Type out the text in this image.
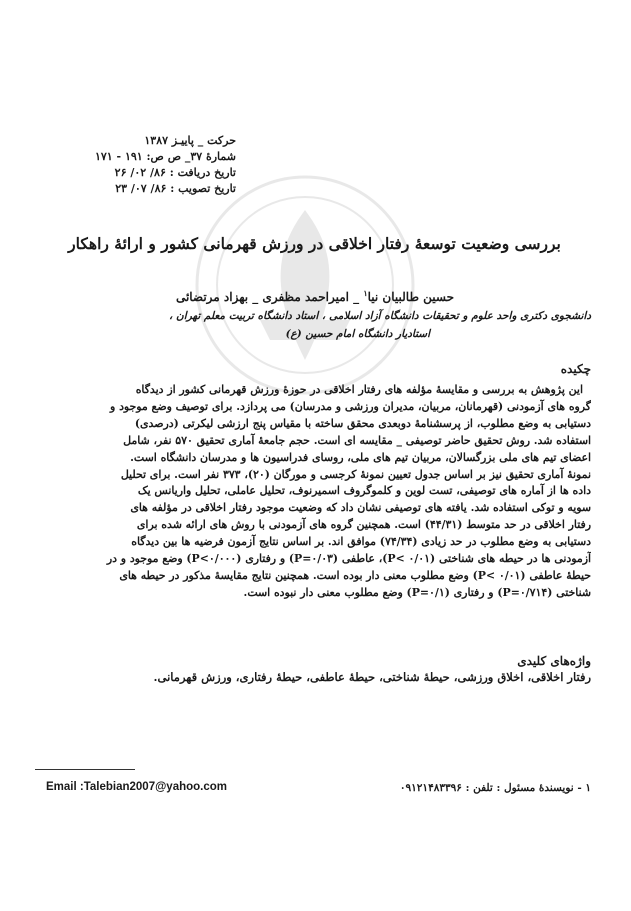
حرکت _ پاییـز ۱۳۸۷
شمارهٔ ۳۷_ ص ص: ۱۹۱ - ۱۷۱
تاریخ دریافت : ۸۶/ ۰۲/ ۲۶
تاریخ تصویب : ۸۶/ ۰۷/ ۲۳
بررسی وضعیت توسعهٔ رفتار اخلاقی در ورزش قهرمانی کشور و ارائهٔ راهکار
حسین طالبیان نیا$^۱$ _ امیراحمد مظفری _ بهزاد مرتضائی
دانشجوی دکتری واحد علوم و تحقیقات دانشگاه آزاد اسلامی ، استاد دانشگاه تربیت معلم تهران ،
استادیار دانشگاه امام حسین (ع)
چکیده
این پژوهش به بررسی و مقایسهٔ مؤلفه های رفتار اخلاقی در حوزهٔ ورزش قهرمانی کشور از دیدگاه
گروه های آزمودنی (قهرمانان، مربیان، مدیران ورزشی و مدرسان) می پردازد. برای توصیف وضع موجود و
دستیابی به وضع مطلوب، از پرسشنامهٔ دوبعدی محقق ساخته با مقیاس پنج ارزشی لیکرتی (درصدی)
استفاده شد. روش تحقیق حاضر توصیفی _ مقایسه ای است. حجم جامعهٔ آماری تحقیق ۵۷۰ نفر، شامل
اعضای تیم های ملی بزرگسالان، مربیان تیم های ملی، روسای فدراسیون ها و مدرسان دانشگاه است.
نمونهٔ آماری تحقیق نیز بر اساس جدول تعیین نمونهٔ کرجسی و مورگان (۲۰)، ۳۷۳ نفر است. برای تحلیل
داده ها از آماره های توصیفی، تست لوین و کلموگروف اسمیرنوف، تحلیل عاملی، تحلیل واریانس یک
سویه و توکی استفاده شد. یافته های توصیفی نشان داد که وضعیت موجود رفتار اخلاقی در مؤلفه های
رفتار اخلاقی در حد متوسط (۴۴/۳۱) است. همچنین گروه های آزمودنی با روش های ارائه شده برای
دستیابی به وضع مطلوب در حد زیادی (۷۴/۳۴) موافق اند. بر اساس نتایج آزمون فرضیه ها بین دیدگاه
آزمودنی ها در حیطه های شناختی (P< ۰/۰۱)، عاطفی (P=۰/۰۳) و رفتاری (P<۰/۰۰۰) وضع موجود و در
حیطهٔ عاطفی (P< ۰/۰۱) وضع مطلوب معنی دار بوده است. همچنین نتایج مقایسهٔ مذکور در حیطه های
شناختی (P=۰/۷۱۴) و رفتاری (P=۰/۱) وضع مطلوب معنی دار نبوده است.
واژه‌های کلیدی
رفتار اخلاقی، اخلاق ورزشی، حیطهٔ شناختی، حیطهٔ عاطفی، حیطهٔ رفتاری، ورزش قهرمانی.
Email :Talebian2007@yahoo.com	۱ - نویسندهٔ مسئول : تلفن : ۰۹۱۲۱۴۸۳۳۹۶
